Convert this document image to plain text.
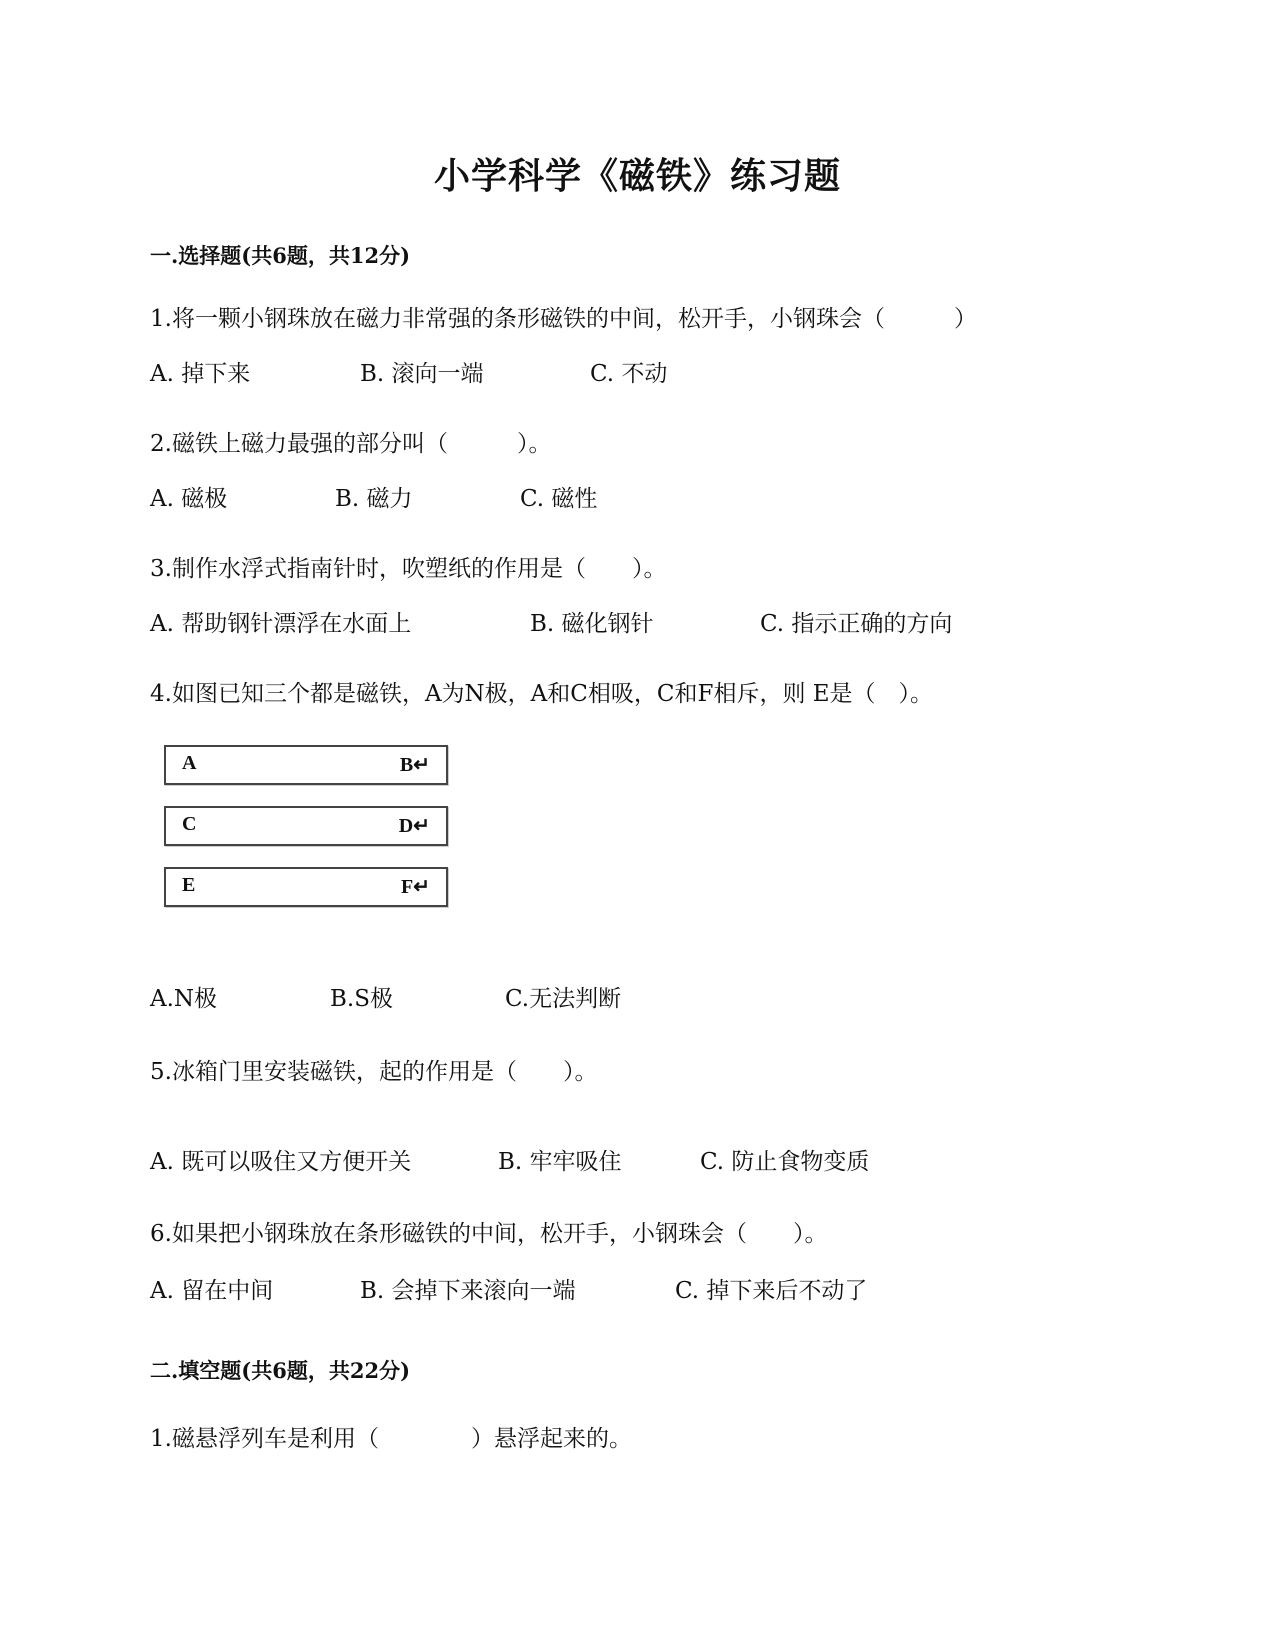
小学科学《磁铁》练习题
一.选择题(共6题，共12分)
1.将一颗小钢珠放在磁力非常强的条形磁铁的中间，松开手，小钢珠会（　　　）
A. 掉下来	B. 滚向一端	C. 不动
2.磁铁上磁力最强的部分叫（　　　）。
A. 磁极	B. 磁力	C. 磁性
3.制作水浮式指南针时，吹塑纸的作用是（　　）。
A. 帮助钢针漂浮在水面上	B. 磁化钢针	C. 指示正确的方向
4.如图已知三个都是磁铁，A为N极，A和C相吸，C和F相斥，则 E是（　）。
A	B↵
C	D↵
E	F↵
A.N极	B.S极	C.无法判断
5.冰箱门里安装磁铁，起的作用是（　　）。
A. 既可以吸住又方便开关	B. 牢牢吸住	C. 防止食物变质
6.如果把小钢珠放在条形磁铁的中间，松开手，小钢珠会（　　）。
A. 留在中间	B. 会掉下来滚向一端	C. 掉下来后不动了
二.填空题(共6题，共22分)
1.磁悬浮列车是利用（　　　　）悬浮起来的。
